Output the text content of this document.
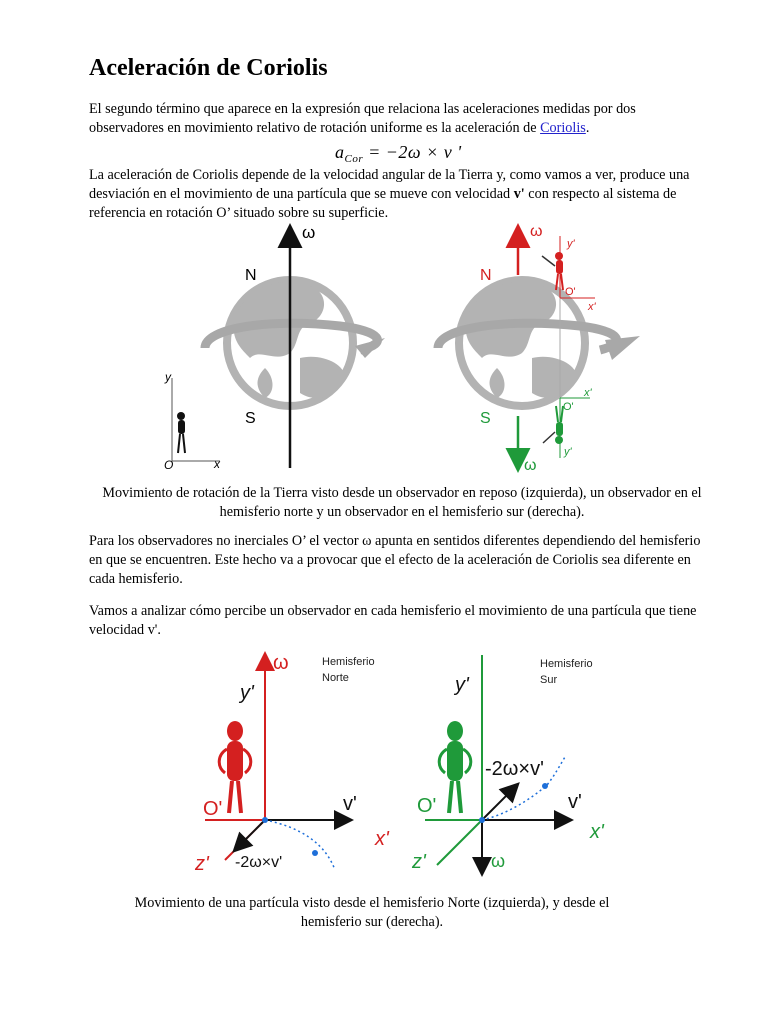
Aceleración de Coriolis

El segundo término que aparece en la expresión que relaciona las aceleraciones medidas por dos observadores en movimiento relativo de rotación uniforme es la aceleración de Coriolis.

$a_{Cor} = -2\omega \times v$ '

La aceleración de Coriolis depende de la velocidad angular de la Tierra y, como vamos a ver, produce una desviación en el movimiento de una partícula que se mueve con velocidad v' con respecto al sistema de referencia en rotación O’ situado sobre su superficie.

ω
N
S
y
x
O
ω
N
y'
x'
O'
ω
S
x'
O'
y'

Movimiento de rotación de la Tierra visto desde un observador en reposo (izquierda), un observador en el hemisferio norte y un observador en el hemisferio sur (derecha).

Para los observadores no inerciales O’ el vector ω apunta en sentidos diferentes dependiendo del hemisferio en que se encuentren. Este hecho va a provocar que el efecto de la aceleración de Coriolis sea diferente en cada hemisferio.

Vamos a analizar cómo percibe un observador en cada hemisferio el movimiento de una partícula que tiene velocidad v'.

ω	Hemisferio
Norte
y'
x'
v'
z' -2ω×v'
O'
ω
Hemisferio
Sur
y'
x'
v'
z'
-2ω×v'
O'

Movimiento de una partícula visto desde el hemisferio Norte (izquierda), y desde el hemisferio sur (derecha).
